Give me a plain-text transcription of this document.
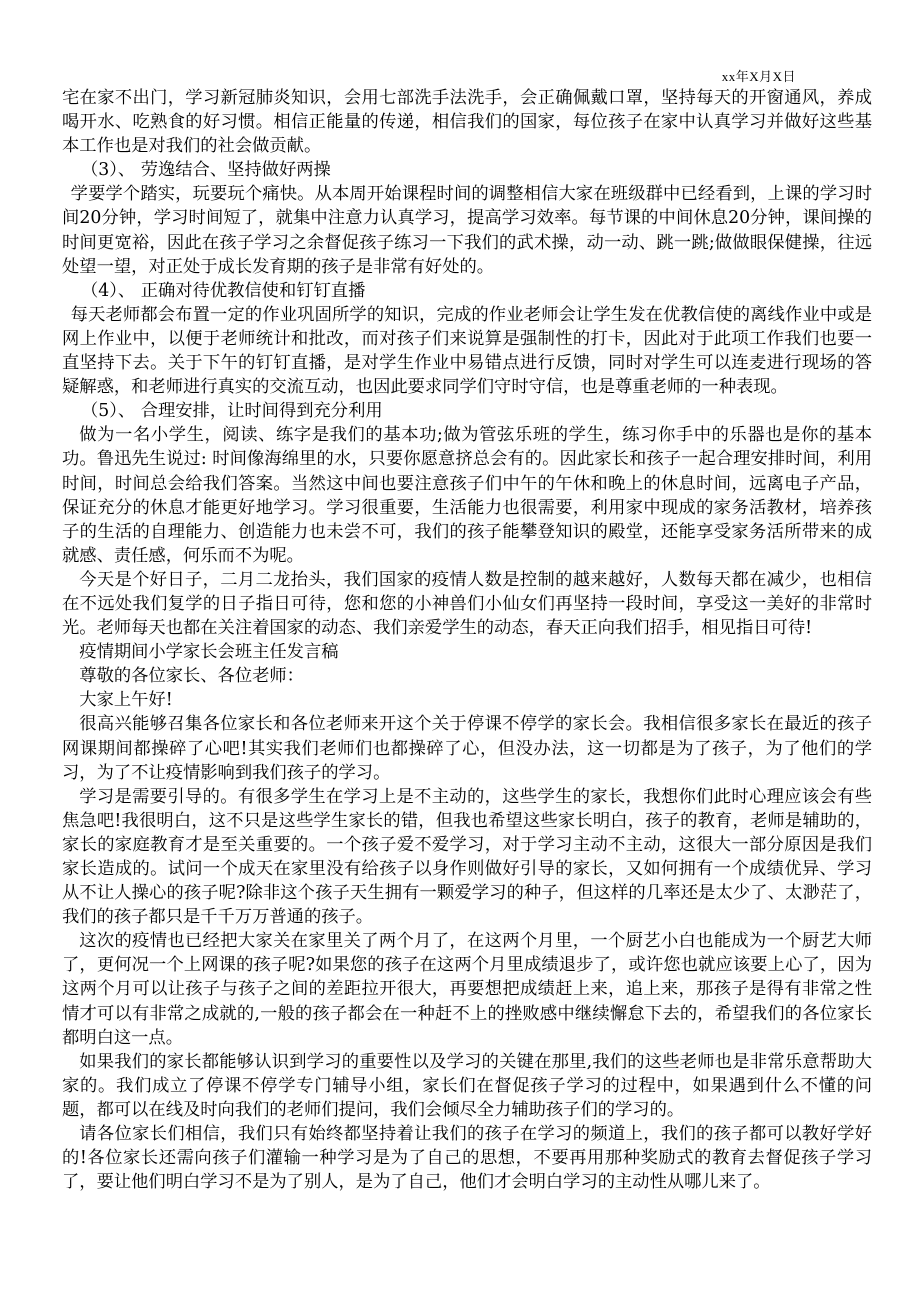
xx年X月X日

宅在家不出门，学习新冠肺炎知识，会用七部洗手法洗手，会正确佩戴口罩，坚持每天的开窗通风，养成喝开水、吃熟食的好习惯。相信正能量的传递，相信我们的国家，每位孩子在家中认真学习并做好这些基本工作也是对我们的社会做贡献。

（3）、 劳逸结合、坚持做好两操

学要学个踏实，玩要玩个痛快。从本周开始课程时间的调整相信大家在班级群中已经看到，上课的学习时间20分钟，学习时间短了，就集中注意力认真学习，提高学习效率。每节课的中间休息20分钟，课间操的时间更宽裕，因此在孩子学习之余督促孩子练习一下我们的武术操，动一动、跳一跳;做做眼保健操，往远处望一望，对正处于成长发育期的孩子是非常有好处的。

（4）、 正确对待优教信使和钉钉直播

每天老师都会布置一定的作业巩固所学的知识，完成的作业老师会让学生发在优教信使的离线作业中或是网上作业中，以便于老师统计和批改，而对孩子们来说算是强制性的打卡，因此对于此项工作我们也要一直坚持下去。关于下午的钉钉直播，是对学生作业中易错点进行反馈，同时对学生可以连麦进行现场的答疑解惑，和老师进行真实的交流互动，也因此要求同学们守时守信，也是尊重老师的一种表现。

（5）、 合理安排，让时间得到充分利用

做为一名小学生，阅读、练字是我们的基本功;做为管弦乐班的学生，练习你手中的乐器也是你的基本功。鲁迅先生说过: 时间像海绵里的水，只要你愿意挤总会有的。因此家长和孩子一起合理安排时间，利用时间，时间总会给我们答案。当然这中间也要注意孩子们中午的午休和晚上的休息时间，远离电子产品，保证充分的休息才能更好地学习。学习很重要，生活能力也很需要，利用家中现成的家务活教材，培养孩子的生活的自理能力、创造能力也未尝不可，我们的孩子能攀登知识的殿堂，还能享受家务活所带来的成就感、责任感，何乐而不为呢。

今天是个好日子，二月二龙抬头，我们国家的疫情人数是控制的越来越好，人数每天都在减少，也相信在不远处我们复学的日子指日可待，您和您的小神兽们小仙女们再坚持一段时间，享受这一美好的非常时光。老师每天也都在关注着国家的动态、我们亲爱学生的动态，春天正向我们招手，相见指日可待!

疫情期间小学家长会班主任发言稿

尊敬的各位家长、各位老师：

大家上午好!

很高兴能够召集各位家长和各位老师来开这个关于停课不停学的家长会。我相信很多家长在最近的孩子网课期间都操碎了心吧!其实我们老师们也都操碎了心，但没办法，这一切都是为了孩子，为了他们的学习，为了不让疫情影响到我们孩子的学习。

学习是需要引导的。有很多学生在学习上是不主动的，这些学生的家长，我想你们此时心理应该会有些焦急吧!我很明白，这不只是这些学生家长的错，但我也希望这些家长明白，孩子的教育，老师是辅助的，家长的家庭教育才是至关重要的。一个孩子爱不爱学习，对于学习主动不主动，这很大一部分原因是我们家长造成的。试问一个成天在家里没有给孩子以身作则做好引导的家长，又如何拥有一个成绩优异、学习从不让人操心的孩子呢?除非这个孩子天生拥有一颗爱学习的种子，但这样的几率还是太少了、太渺茫了，我们的孩子都只是千千万万普通的孩子。

这次的疫情也已经把大家关在家里关了两个月了，在这两个月里，一个厨艺小白也能成为一个厨艺大师了，更何况一个上网课的孩子呢?如果您的孩子在这两个月里成绩退步了，或许您也就应该要上心了，因为这两个月可以让孩子与孩子之间的差距拉开很大，再要想把成绩赶上来，追上来，那孩子是得有非常之性情才可以有非常之成就的,一般的孩子都会在一种赶不上的挫败感中继续懈怠下去的，希望我们的各位家长都明白这一点。

如果我们的家长都能够认识到学习的重要性以及学习的关键在那里,我们的这些老师也是非常乐意帮助大家的。我们成立了停课不停学专门辅导小组，家长们在督促孩子学习的过程中，如果遇到什么不懂的问题，都可以在线及时向我们的老师们提问，我们会倾尽全力辅助孩子们的学习的。

请各位家长们相信，我们只有始终都坚持着让我们的孩子在学习的频道上，我们的孩子都可以教好学好的!各位家长还需向孩子们灌输一种学习是为了自己的思想，不要再用那种奖励式的教育去督促孩子学习了，要让他们明白学习不是为了别人，是为了自己，他们才会明白学习的主动性从哪儿来了。
